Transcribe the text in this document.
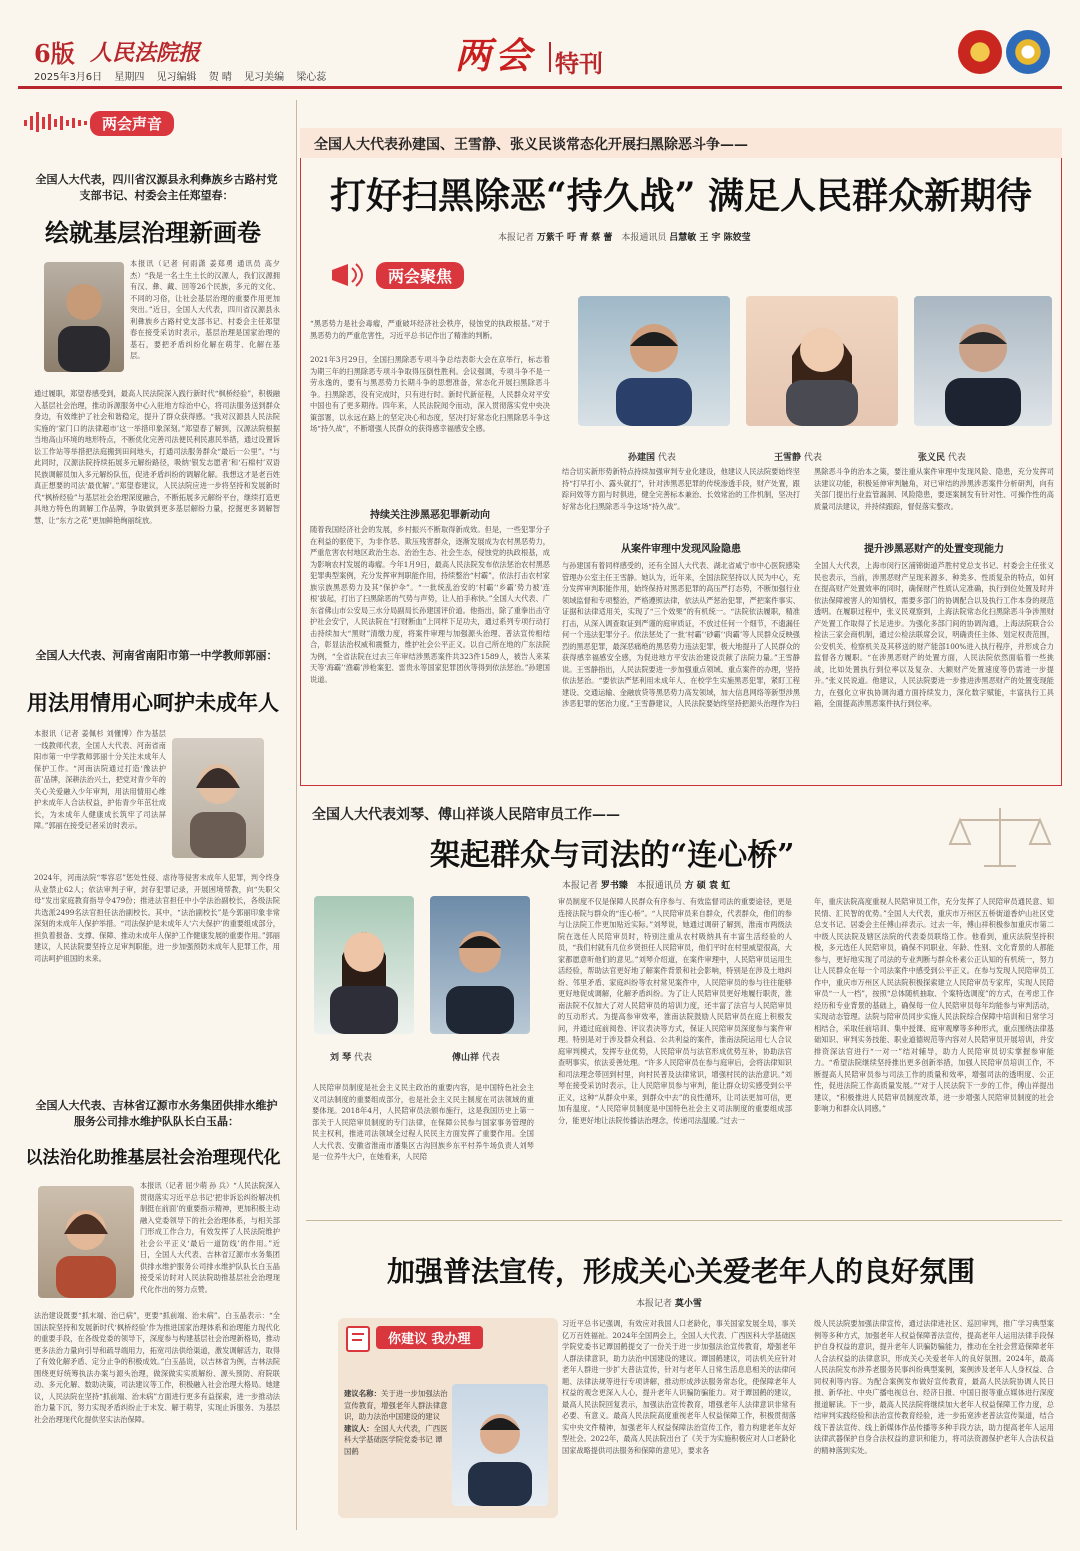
6版 人民法院报
2025年3月6日 星期四 见习编辑 贺 晴 见习美编 梁心蕊
两会 特刊
两会声音
全国人大代表，四川省汉源县永利彝族乡古路村党支部书记、村委会主任郑望春：
绘就基层治理新画卷
本报讯（记者 何雨潇 姜郑勇 通讯员 高夕杰）“我是一名土生土长的汉源人，我们汉源拥有汉、彝、藏、回等26个民族，多元的文化、不同的习俗，让社会基层治理的重要作用更加突出。”近日，全国人大代表，四川省汉源县永利彝族乡古路村党支部书记、村委会主任郑望春在接受采访时表示，基层治理是国家治理的基石，要把矛盾纠纷化解在萌芽、化解在基层。
通过履职，郑望春感受到，最高人民法院深入践行新时代“枫桥经验”，积极融入基层社会治理，推动诉源服务中心入驻地方综治中心，将司法服务送到群众身边，有效维护了社会和谐稳定，提升了群众获得感。“我对汉源县人民法院实施的‘家门口的法律超市’这一举措印象深刻。”郑望春了解到，汉源法院根据当地高山环境的地形特点，不断优化完善司法便民利民惠民举措，通过设置诉讼工作站等举措把法庭搬到田间地头，打通司法服务群众“最后一公里”。“与此同时，汉源法院持续拓展多元解纷路径，吸纳‘银发志愿者’和‘石棉村’双语民族调解员加入多元解纷队伍，促进矛盾纠纷的调解化解。我想这才是老百姓真正想要的司法‘最优解’。”郑望春建议，人民法院应进一步将坚持和发展新时代“枫桥经验”与基层社会治理深度融合，不断拓展多元解纷平台，继续打造更具地方特色的调解工作品牌，争取做到更多基层解纷力量，挖掘更多调解智慧，让“东方之花”更加鲜艳绚丽绽放。
全国人大代表、河南省南阳市第一中学教师郭丽：
用法用情用心呵护未成年人
本报讯（记者 姜佩杉 刘懂博）作为基层一线教师代表，全国人大代表、河南省南阳市第一中学教师郭丽十分关注未成年人保护工作。“河南法院通过打造‘豫法护苗’品牌，深耕法治兴土，把党对青少年的关心关爱融入少年审判，用法用情用心维护未成年人合法权益，护佑青少年茁壮成长，为未成年人健康成长筑牢了司法屏障。”郭丽在接受记者采访时表示。
2024年，河南法院“零容忍”惩处性侵、虐待等侵害未成年人犯罪，判令终身从业禁止62人；依法审判子审，封存犯罪记录，开展困境帮教，向“失职父母”发出家庭教育指导令479份；推进法官担任中小学法治副校长，各级法院共选派2499名法官担任法治副校长。其中，“法治副校长”是今郭丽印象非常深刻的未成年人保护举措。“司法保护是未成年人‘六大保护’的重要组成部分，担负着报备、支撑、保障、推动未成年人保护工作健康发展的重要作用。”郭丽建议，人民法院要坚持立足审判职能，进一步加强预防未成年人犯罪工作，用司法呵护祖国的未来。
全国人大代表、吉林省辽源市水务集团供排水维护服务公司排水维护队队长白玉晶：
以法治化助推基层社会治理现代化
本报讯（记者 屈少萌 孙 兵）“人民法院深入贯彻落实习近平总书记‘把非诉讼纠纷解决机制挺在前面’的重要指示精神，更加积极主动融入党委领导下的社会治理体系，与相关部门形成工作合力，有效发挥了人民法院维护社会公平正义‘最后一道防线’的作用。”近日，全国人大代表、吉林省辽源市水务集团供排水维护服务公司排水维护队队长白玉晶接受采访时对人民法院助推基层社会治理现代化作出的努力点赞。
法治建设既要“抓末端、治已病”，更要“抓前端、治未病”。白玉晶表示：“全国法院坚持和发展新时代‘枫桥经验’作为推进国家治理体系和治理能力现代化的重要手段，在各级党委的领导下，深度参与构建基层社会治理新格局，推动更多法治力量向引导和疏导端用力，拓宽司法供给渠道，激发调解活力，取得了有效化解矛盾、定分止争的积极成效。”白玉晶说，以吉林省为例，吉林法院围绕更好统筹执法办案与源头治理，做深做实实质解纷、源头预防、府院联动、多元化解、数助决策，司法建议等工作，积极融入社会治理大格局。她建议，人民法院在坚持“抓前端、治未病”方面进行更多有益探索，进一步推动法治力量下沉，努力实现矛盾纠纷止于未发、解于萌芽，实现止诉服务、为基层社会治理现代化提供坚实法治保障。
全国人大代表孙建国、王雪静、张义民谈常态化开展扫黑除恶斗争——
打好扫黑除恶“持久战” 满足人民群众新期待
本报记者 万紫千 吁 青 蔡 蕾 本报通讯员 吕慧敏 王 宇 陈姣莹
两会聚焦
“黑恶势力是社会毒瘤，严重破坏经济社会秩序，侵蚀党的执政根基。”对于黑恶势力的严重危害性，习近平总书记作出了精准的判断。
2021年3月29日，全国扫黑除恶专项斗争总结表彰大会在京举行，标志着为期三年的扫黑除恶专项斗争取得压倒性胜利。会议强调，专项斗争不是一劳永逸的，要有与黑恶势力长期斗争的思想准备，常态化开展扫黑除恶斗争。扫黑除恶，没有完成时，只有进行时。新时代新征程，人民群众对平安中国也有了更多期待。四年来，人民法院闻令而动，深入贯彻落实党中央决策部署，以永远在路上的坚定决心和态度，坚决打好常态化扫黑除恶斗争这场“持久战”，不断增强人民群众的获得感幸福感安全感。
持续关注涉黑恶犯罪新动向
随着我国经济社会的发展，乡村振兴不断取得新成效。但是，一些犯罪分子在利益的驱使下，为非作恶、欺压残害群众，逐渐发展成为农村黑恶势力，严重危害农村地区政治生态、治治生态、社会生态，侵蚀党的执政根基，成为影响农村发展的毒瘤。今年1月9日，最高人民法院发布依法惩治农村黑恶犯罪典型案例，充分发挥审判职能作用，持续整治“村霸”，依法打击农村家族宗族黑恶势力及其“保护伞”。“一批统乱治安的‘村霸’‘乡霸’势力被‘连根’拔起，打出了扫黑除恶的气势与声势，让人拍手称快。”全国人大代表、广东省佛山市公安局三水分局副局长孙建国评价道。他指出，除了重拳出击守护社会安宁，人民法院在“打财断血”上同样下足功夫，通过系列专项行动打击持续加大“黑财”清缴力度，将案件审理与加强源头治理、普法宣传相结合，彰显法治权威和震慑力，维护社会公平正义。以自己所在地的广东法院为例，“全省法院在过去三年审结涉黑恶案件共323件1589人，被告人来某天等‘海霸’‘渔霸’涉枪案犯、雷贵永等国家犯罪团伙等得到依法惩治。”孙建国说道。
孙建国 代表	王雪静 代表	张义民 代表
结合切实新形势新特点持续加强审判专业化建设，他建议人民法院要始终坚持“打早打小、露头就打”，针对涉黑恶犯罪的传统渗透手段，财产处置，跟踪问效等方面与时俱进，健全完善标本兼治、长效常治的工作机制，坚决打好常态化扫黑除恶斗争这场“持久战”。
从案件审理中发现风险隐患
与孙建国有着同样感受的，还有全国人大代表、湖北省咸宁市中心医院感染管理办公室主任王雪静。她认为，近年来，全国法院坚持以人民为中心，充分发挥审判职能作用，始终保持对黑恶犯罪的高压严打态势，不断加强行业领域监督和专项整治，严格遵照法律，依法从严惩治犯罪，严把案件事实、证据和法律适用关，实现了“三个效果”的有机统一。“法院依法履职，精准打击，从深入调查取证到严谨的庭审质证，不放过任何一个细节，不遗漏任何一个违法犯罪分子。依法惩处了一批‘村霸’‘砂霸’‘肉霸’等人民群众反映强烈的黑恶犯罪，最深恶痛绝的黑恶势力违法犯罪，极大地提升了人民群众的获得感幸福感安全感，为促进地方平安法治建设贡献了法院力量。”王雪静说。王雪静指出，人民法院要进一步加强重点领域、重点案件的办理，坚持依法惩治。“要依法严惩利用未成年人、在校学生实施黑恶犯罪，紧盯工程建设、交通运输、金融放贷等黑恶势力高发领域，加大信息网络等新型涉黑涉恶犯罪的惩治力度。”王雪静建议，人民法院要始终坚持把源头治理作为扫
黑除恶斗争的治本之策，要注重从案件审理中发现风险、隐患，充分发挥司法建议功能，积极延伸审判触角，对已审结的涉黑涉恶案件分析研判，向有关部门提出行业监管漏洞、风险隐患，要逐案制发有针对性、可操作性的高质量司法建议，并持续跟踪，督促落实整改。
提升涉黑恶财产的处置变现能力
全国人大代表，上海市闵行区浦锦街道芦胜村党总支书记、村委会主任张义民也表示，当前，涉黑恶财产呈现来源多、种类多、性质复杂的特点，如何在提高财产处置效率的同时，确保财产性质认定准确，执行到位处置及时并依法保障被害人的知情权，需要多部门的协调配合以及执行工作本身的规范透明。在履职过程中，张义民观察到，上海法院常态化扫黑除恶斗争涉黑财产处置工作取得了长足进步。为强化多部门间的协调沟通，上海法院联合公检法三家会商机制，通过公检法联席会议，明确责任主体、划定权责范围，公安机关、检察机关及其移送的财产能部100%进入执行程序，并形成合力监督各方履职。“在涉黑恶财产的处置方面，人民法院依然面临着一些挑战，比如处置执行到位率以及复杂、大额财产处置速度等仍需进一步提升。”张义民说道。他建议，人民法院要进一步推进涉黑恶财产的处置变现能力，在强化立审执协调沟通方面持续发力，深化数字赋能，丰富执行工具箱，全面提高涉黑恶案件执行到位率。
全国人大代表刘琴、傅山祥谈人民陪审员工作——
架起群众与司法的“连心桥”
本报记者 罗书臻 本报通讯员 方 硕 袁 虹
刘 琴 代表	傅山祥 代表
人民陪审员制度是社会主义民主政治的重要内容，是中国特色社会主义司法制度的重要组成部分，也是社会主义民主制度在司法领域的重要体现。2018年4月，人民陪审员法颁布施行，这是我国历史上第一部关于人民陪审员制度的专门法律，在保障公民参与国家事务管理的民主权利，推进司法领域全过程人民民主方面发挥了重要作用。全国人大代表、安徽省淮南市潘集区古沟回族乡东平村养牛场负责人刘琴是一位养牛大户，在她看来，人民陪
审员制度不仅是保障人民群众有序参与、有效监督司法的重要途径，更是连接法院与群众的“连心桥”。“人民陪审员来自群众，代表群众，他们的参与让法院工作更加贴近实际。”刘琴说，她通过调研了解到，淮南市两级法院在选任人民陪审员时，特别注重从农村吸纳具有丰富生活经验的人员，“我们村就有几位乡贤担任人民陪审员，他们平时在村里威望很高，大家都愿意听他们的意见。”刘琴介绍道，在案件审理中，人民陪审员运用生活经验，帮助法官更好地了解案件背景和社会影响，特别是在涉及土地纠纷、邻里矛盾、家庭纠纷等农村常见案件中，人民陪审员的参与往往能够更好地促成调解，化解矛盾纠纷。为了让人民陪审员更好地履行职责，淮南法院不仅加大了对人民陪审员的培训力度，还丰富了法官与人民陪审员的互动形式。为提高参审效率，淮南法院鼓励人民陪审员在庭上积极发问，并通过庭前阅卷、评议表决等方式，保证人民陪审员深度参与案件审理。特别是对于涉及群众利益、公共利益的案件，淮南法院运用七人合议庭审判模式，发挥专业优势，人民陪审员与法官形成优势互补，协助法官查明事实，依法妥善处理。“许多人民陪审员在参与庭审后，会将法律知识和司法理念带回到村里，向村民普及法律常识，增强村民的法治意识。”刘琴在接受采访时表示，让人民陪审员参与审判，能让群众切实感受到公平正义，这种“从群众中来，到群众中去”的良性循环，让司法更加可信，更加有温度。“人民陪审员制度是中国特色社会主义司法制度的重要组成部分，能更好地让法院传播法治理念，传递司法温暖。”过去一
年，重庆法院高度重视人民陪审员工作，充分发挥了人民陪审员通民意、知民情、汇民智的优势。”全国人大代表，重庆市万州区五桥街道香炉山社区党总支书记、居委会主任傅山祥表示。过去一年，傅山祥积极参加重庆市第二中级人民法院及辖区法院的代表委员联络工作。他看到，重庆法院坚持积极，多元选任人民陪审员，确保不同职业、年龄、性别、文化背景的人都能参与，更好地实现了司法的专业判断与群众朴素公正认知的有机统一，努力让人民群众在每一个司法案件中感受到公平正义。在参与发现人民陪审员工作中，重庆市万州区人民法院积极探索建立人民陪审员专家库，实现人民陪审员“一人一档”，按照“总体随机抽取、个案特选调度”的方式，在考虑工作经历和专业背景的基础上，确保每一位人民陪审员每年均能参与审判活动，实现动态管理。法院与陪审员同步实施人民法院综合保障中培训和日常学习相结合，采取任前培训、集中授课、庭审观摩等多种形式，重点围绕法律基础知识、审判实务技能、职业道德规范等内容对人民陪审员开展培训，并安排资深法官进行“一对一”结对辅导，助力人民陪审员切实掌握参审能力。“希望法院继续坚持推出更多创新举措，加强人民陪审员培训工作，不断提高人民陪审员参与司法工作的质量和效率，增强司法的透明度、公正性，促进法院工作高质量发展。”“对于人民法院下一步的工作，傅山祥提出建议，“积极推进人民陪审员制度改革，进一步增强人民陪审员制度的社会影响力和群众认同感。”
加强普法宣传，形成关心关爱老年人的良好氛围
本报记者 莫小雪
你建议 我办理
建议名称：关于进一步加强法治宣传教育，增强老年人群法律意识，助力法治中国建设的建议
建议人：全国人大代表，广西医科大学基础医学院党委书记 谭国鹤
习近平总书记强调，有效应对我国人口老龄化，事关国家发展全局，事关亿万百姓福祉。2024年全国两会上，全国人大代表、广西医科大学基础医学院党委书记谭国鹤提交了一份关于进一步加强法治宣传教育，增强老年人群法律意识，助力法治中国建设的建议。谭国鹤建议，司法机关应针对老年人群进一步扩大普法宣传，针对与老年人日常生活息息相关的法律问题、法律法规等进行专项讲解，推动形成涉法服务常态化，使保障老年人权益的观念更深入人心，提升老年人识骗防骗能力。对于谭国鹤的建议，最高人民法院回复表示，加强法治宣传教育，增强老年人法律意识非常有必要、有意义。最高人民法院高度重视老年人权益保障工作，积极贯彻落实中央文件精神，加强老年人权益保障法治宣传工作，着力构建老年友好型社会。2022年，最高人民法院出台了《关于为实施积极应对人口老龄化国家战略提供司法服务和保障的意见》，要求各
级人民法院要加强法律宣传，通过法律进社区、巡回审判，推广学习典型案例等多种方式，加强老年人权益保障普法宣传，提高老年人运用法律手段保护自身权益的意识，提升老年人识骗防骗能力，推动在全社会营造保障老年人合法权益的法律意识，形成关心关爱老年人的良好氛围。2024年，最高人民法院发布涉养老服务民事纠纷典型案例，案例涉及老年人人身权益、合同权利等内容。为配合案例发布做好宣传教育，最高人民法院协调人民日报、新华社、中央广播电视总台、经济日报、中国日报等重点媒体进行深度报道解读。下一步，最高人民法院将继续加大老年人权益保障工作力度，总结审判实践经验和法治宣传教育经验，进一步拓宽涉老普法宣传渠道，结合线下普法宣传、线上新媒体作品传播等多种手段方法，助力提高老年人运用法律武器保护自身合法权益的意识和能力，将司法资源保护老年人合法权益的精神落到实处。
